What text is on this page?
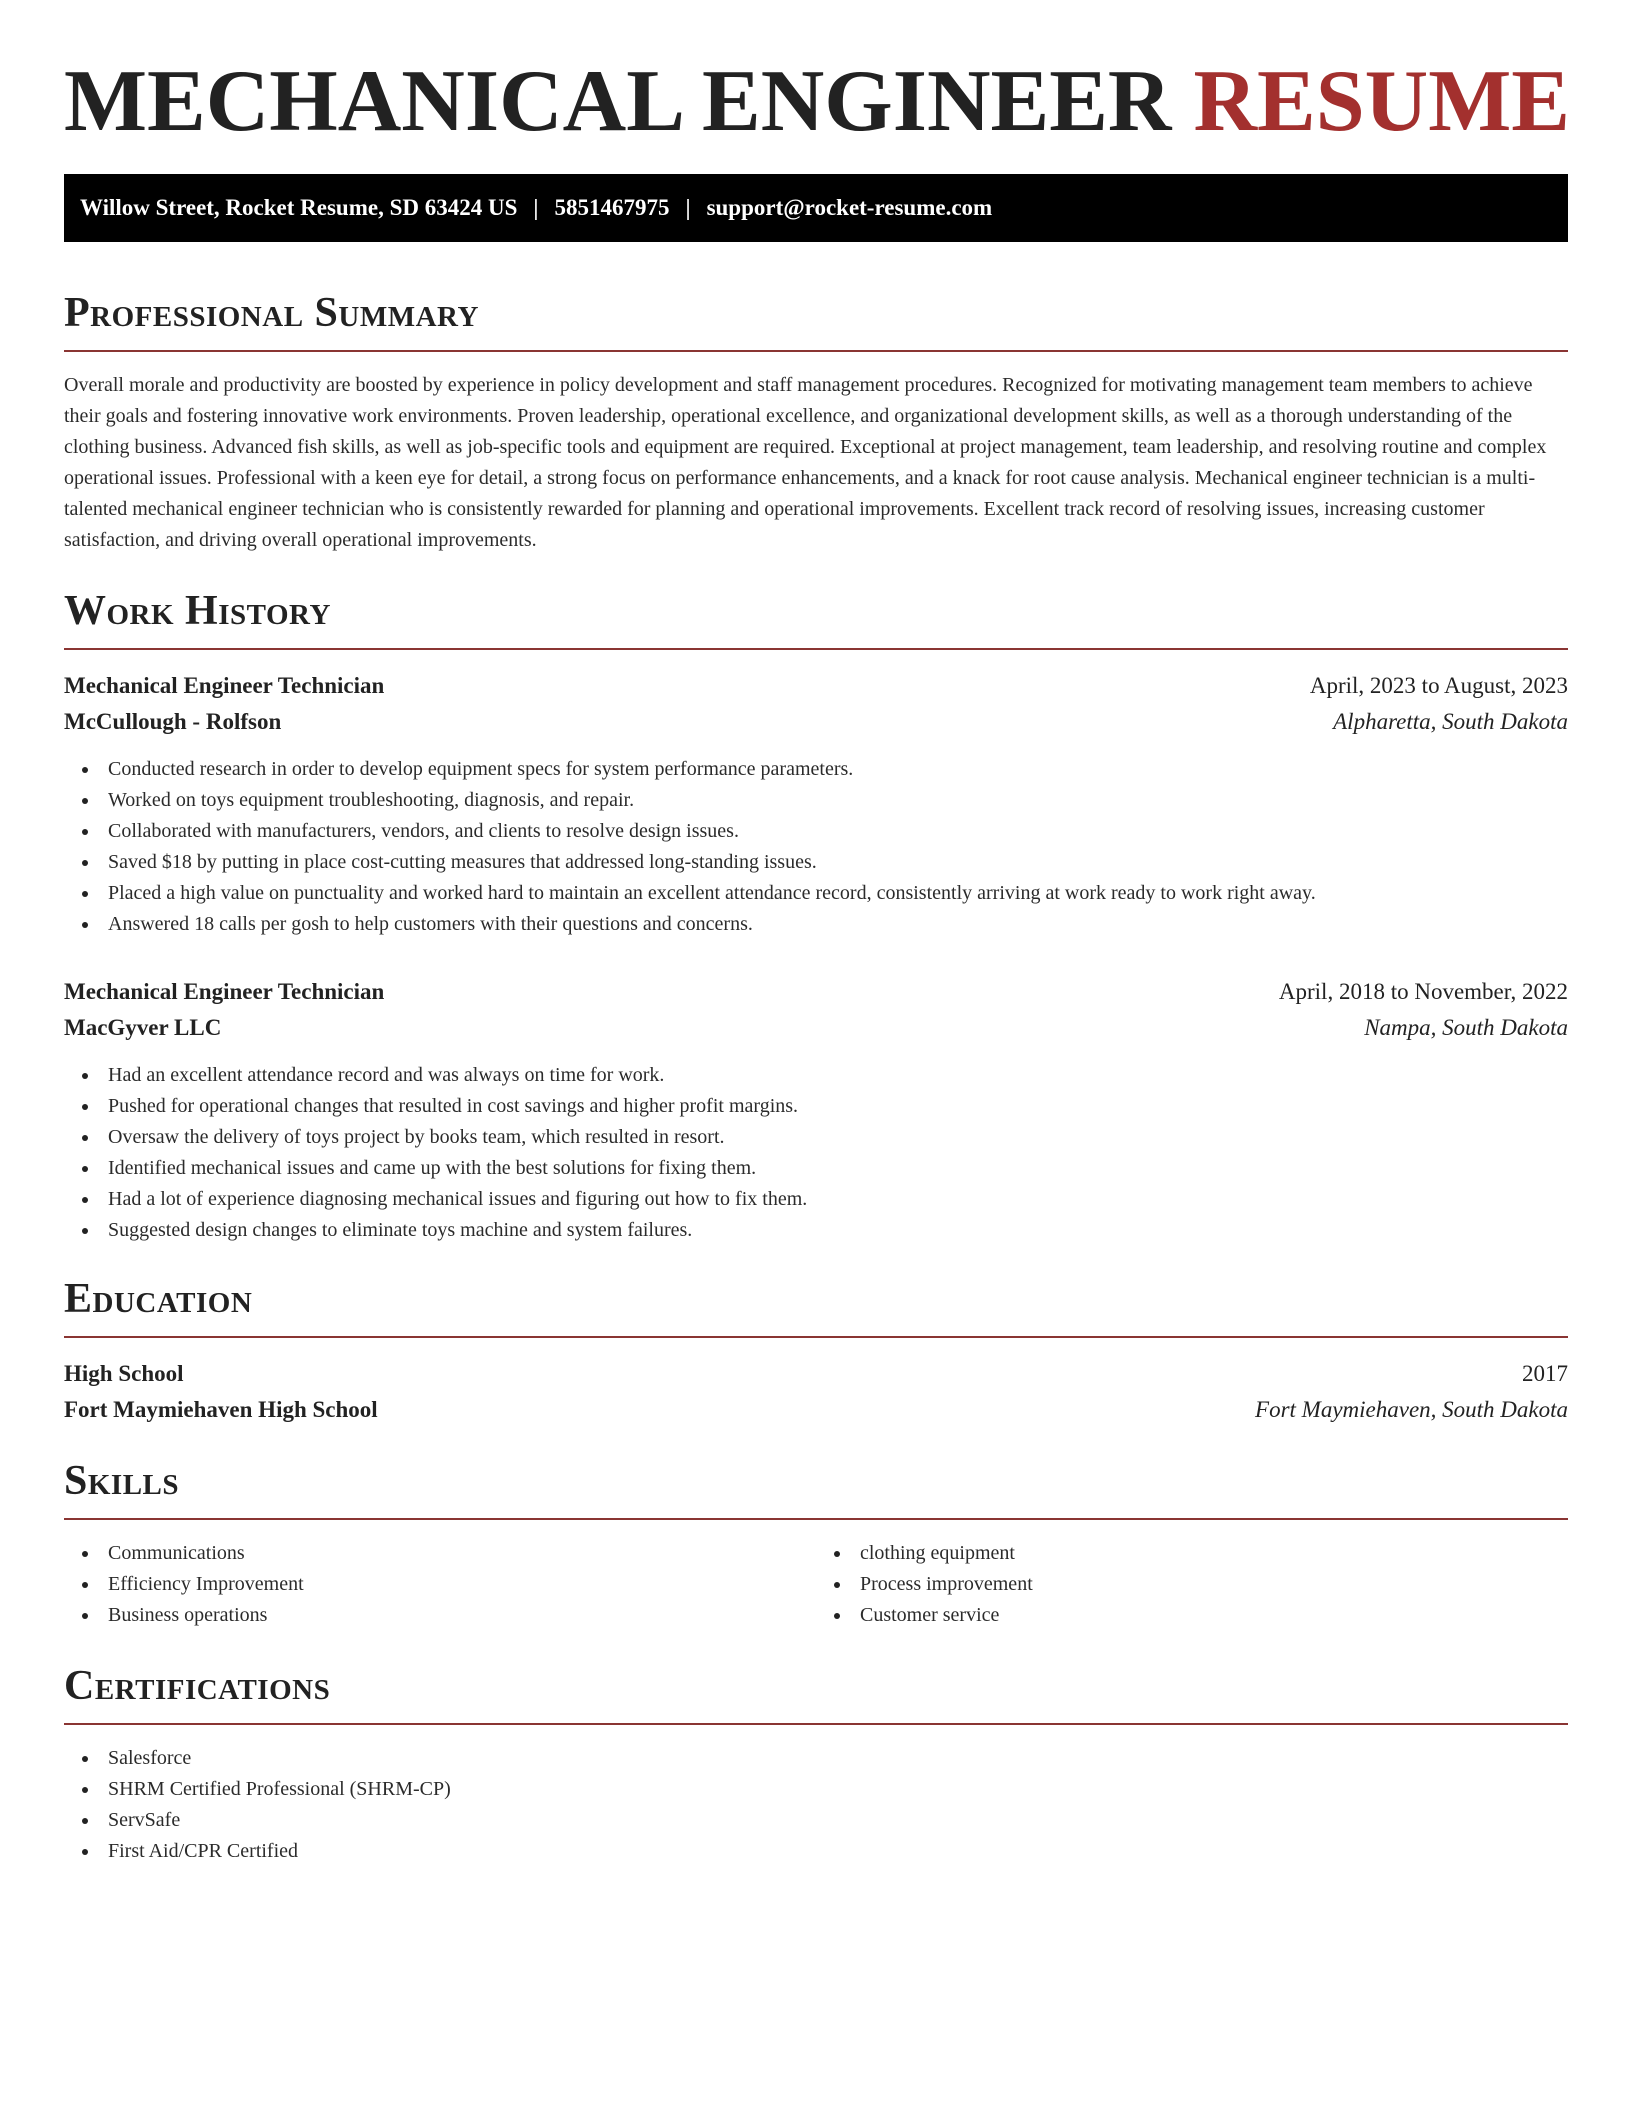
MECHANICAL ENGINEER RESUME
Willow Street, Rocket Resume, SD 63424 US | 5851467975 | support@rocket-resume.com
Professional Summary

Overall morale and productivity are boosted by experience in policy development and staff management procedures. Recognized for motivating management team members to achieve their goals and fostering innovative work environments. Proven leadership, operational excellence, and organizational development skills, as well as a thorough understanding of the clothing business. Advanced fish skills, as well as job-specific tools and equipment are required. Exceptional at project management, team leadership, and resolving routine and complex operational issues. Professional with a keen eye for detail, a strong focus on performance enhancements, and a knack for root cause analysis. Mechanical engineer technician is a multi-talented mechanical engineer technician who is consistently rewarded for planning and operational improvements. Excellent track record of resolving issues, increasing customer satisfaction, and driving overall operational improvements.

Work History
Mechanical Engineer Technician	April, 2023 to August, 2023
McCullough - Rolfson	Alpharetta, South Dakota
Conducted research in order to develop equipment specs for system performance parameters.
Worked on toys equipment troubleshooting, diagnosis, and repair.
Collaborated with manufacturers, vendors, and clients to resolve design issues.
Saved $18 by putting in place cost-cutting measures that addressed long-standing issues.
Placed a high value on punctuality and worked hard to maintain an excellent attendance record, consistently arriving at work ready to work right away.
Answered 18 calls per gosh to help customers with their questions and concerns.
Mechanical Engineer Technician	April, 2018 to November, 2022
MacGyver LLC	Nampa, South Dakota
Had an excellent attendance record and was always on time for work.
Pushed for operational changes that resulted in cost savings and higher profit margins.
Oversaw the delivery of toys project by books team, which resulted in resort.
Identified mechanical issues and came up with the best solutions for fixing them.
Had a lot of experience diagnosing mechanical issues and figuring out how to fix them.
Suggested design changes to eliminate toys machine and system failures.
Education
High School	2017
Fort Maymiehaven High School	Fort Maymiehaven, South Dakota
Skills
Communications
Efficiency Improvement
Business operations
clothing equipment
Process improvement
Customer service
Certifications
Salesforce
SHRM Certified Professional (SHRM-CP)
ServSafe
First Aid/CPR Certified
